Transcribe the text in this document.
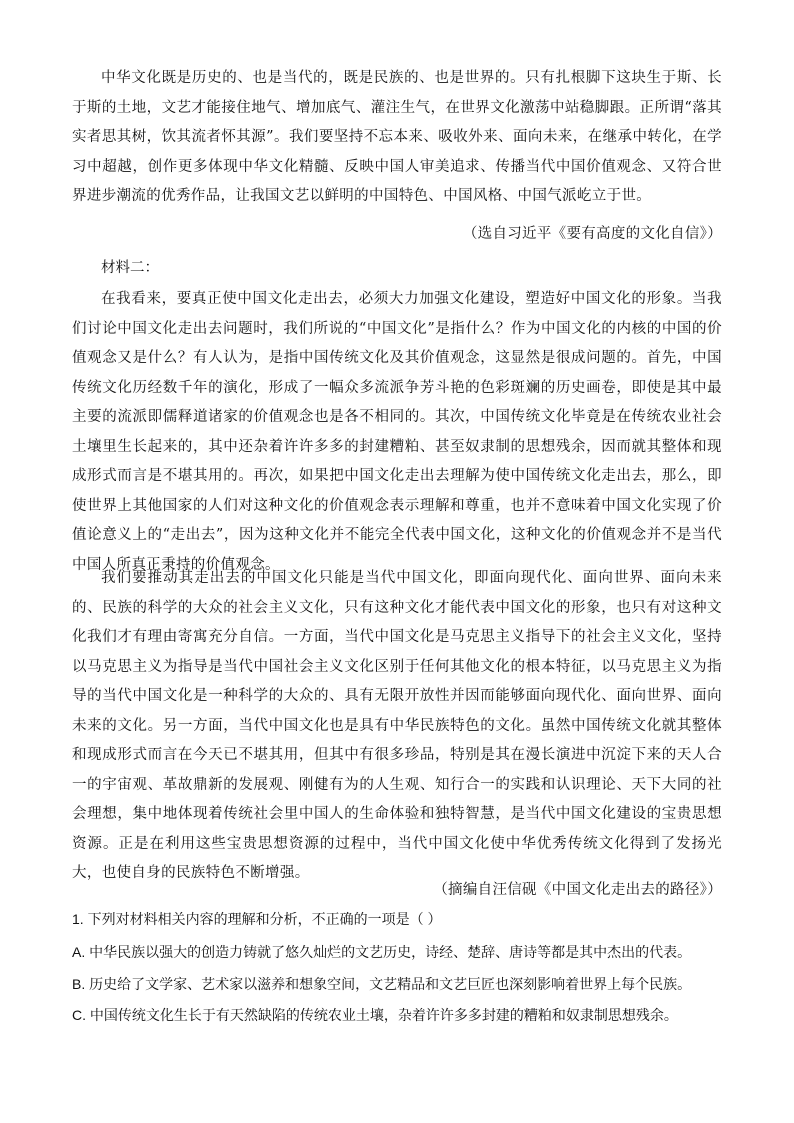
中华文化既是历史的、也是当代的，既是民族的、也是世界的。只有扎根脚下这块生于斯、长于斯的土地，文艺才能接住地气、增加底气、灌注生气，在世界文化激荡中站稳脚跟。正所谓“落其实者思其树，饮其流者怀其源”。我们要坚持不忘本来、吸收外来、面向未来，在继承中转化，在学习中超越，创作更多体现中华文化精髓、反映中国人审美追求、传播当代中国价值观念、又符合世界进步潮流的优秀作品，让我国文艺以鲜明的中国特色、中国风格、中国气派屹立于世。

（选自习近平《要有高度的文化自信》）
材料二：

在我看来，要真正使中国文化走出去，必须大力加强文化建设，塑造好中国文化的形象。当我们讨论中国文化走出去问题时，我们所说的“中国文化”是指什么？作为中国文化的内核的中国的价值观念又是什么？有人认为，是指中国传统文化及其价值观念，这显然是很成问题的。首先，中国传统文化历经数千年的演化，形成了一幅众多流派争芳斗艳的色彩斑斓的历史画卷，即使是其中最主要的流派即儒释道诸家的价值观念也是各不相同的。其次，中国传统文化毕竟是在传统农业社会土壤里生长起来的，其中还杂着许许多多的封建糟粕、甚至奴隶制的思想残余，因而就其整体和现成形式而言是不堪其用的。再次，如果把中国文化走出去理解为使中国传统文化走出去，那么，即使世界上其他国家的人们对这种文化的价值观念表示理解和尊重，也并不意味着中国文化实现了价值论意义上的“走出去”，因为这种文化并不能完全代表中国文化，这种文化的价值观念并不是当代中国人所真正秉持的价值观念。

我们要推动其走出去的中国文化只能是当代中国文化，即面向现代化、面向世界、面向未来的、民族的科学的大众的社会主义文化，只有这种文化才能代表中国文化的形象，也只有对这种文化我们才有理由寄寓充分自信。一方面，当代中国文化是马克思主义指导下的社会主义文化，坚持以马克思主义为指导是当代中国社会主义文化区别于任何其他文化的根本特征，以马克思主义为指导的当代中国文化是一种科学的大众的、具有无限开放性并因而能够面向现代化、面向世界、面向未来的文化。另一方面，当代中国文化也是具有中华民族特色的文化。虽然中国传统文化就其整体和现成形式而言在今天已不堪其用，但其中有很多珍品，特别是其在漫长演进中沉淀下来的天人合一的宇宙观、革故鼎新的发展观、刚健有为的人生观、知行合一的实践和认识理论、天下大同的社会理想，集中地体现着传统社会里中国人的生命体验和独特智慧，是当代中国文化建设的宝贵思想资源。正是在利用这些宝贵思想资源的过程中，当代中国文化使中华优秀传统文化得到了发扬光大，也使自身的民族特色不断增强。

（摘编自汪信砚《中国文化走出去的路径》）
1. 下列对材料相关内容的理解和分析，不正确的一项是（ ）
A. 中华民族以强大的创造力铸就了悠久灿烂的文艺历史，诗经、楚辞、唐诗等都是其中杰出的代表。
B. 历史给了文学家、艺术家以滋养和想象空间，文艺精品和文艺巨匠也深刻影响着世界上每个民族。
C. 中国传统文化生长于有天然缺陷的传统农业土壤，杂着许许多多封建的糟粕和奴隶制思想残余。
